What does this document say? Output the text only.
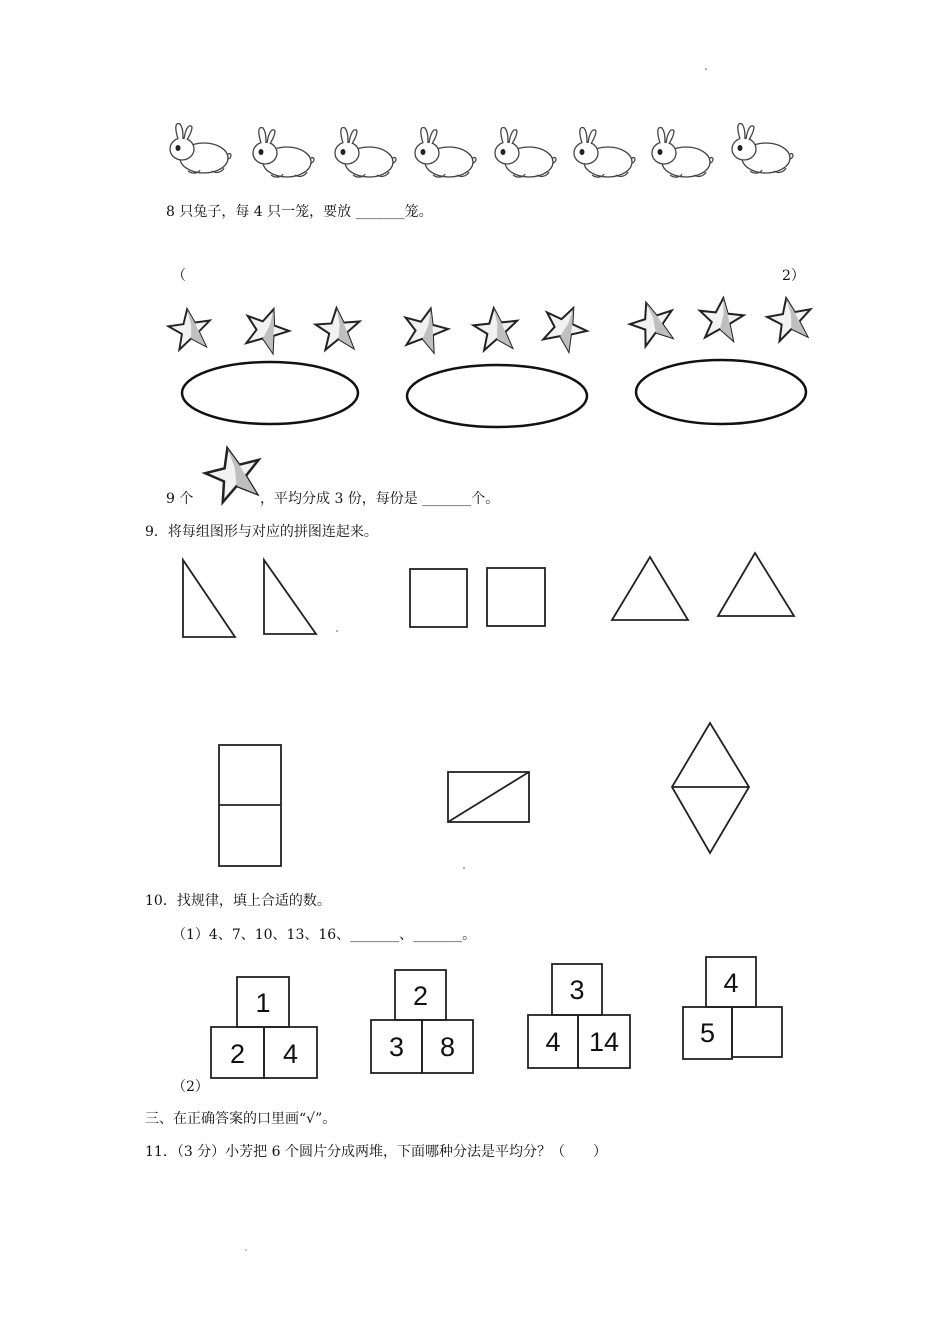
8 只兔子，每 4 只一笼，要放 _______笼。
（	2）
9 个	，平均分成 3 份，每份是 _______个。
9．将每组图形与对应的拼图连起来。
10．找规律，填上合适的数。
（1）4、7、10、13、16、_______、_______。
1
2	4
2
3	8
3
4	14
4
5
（2）
三、在正确答案的口里画“√”。
11．（3 分）小芳把 6 个圆片分成两堆，下面哪种分法是平均分？（　　）
